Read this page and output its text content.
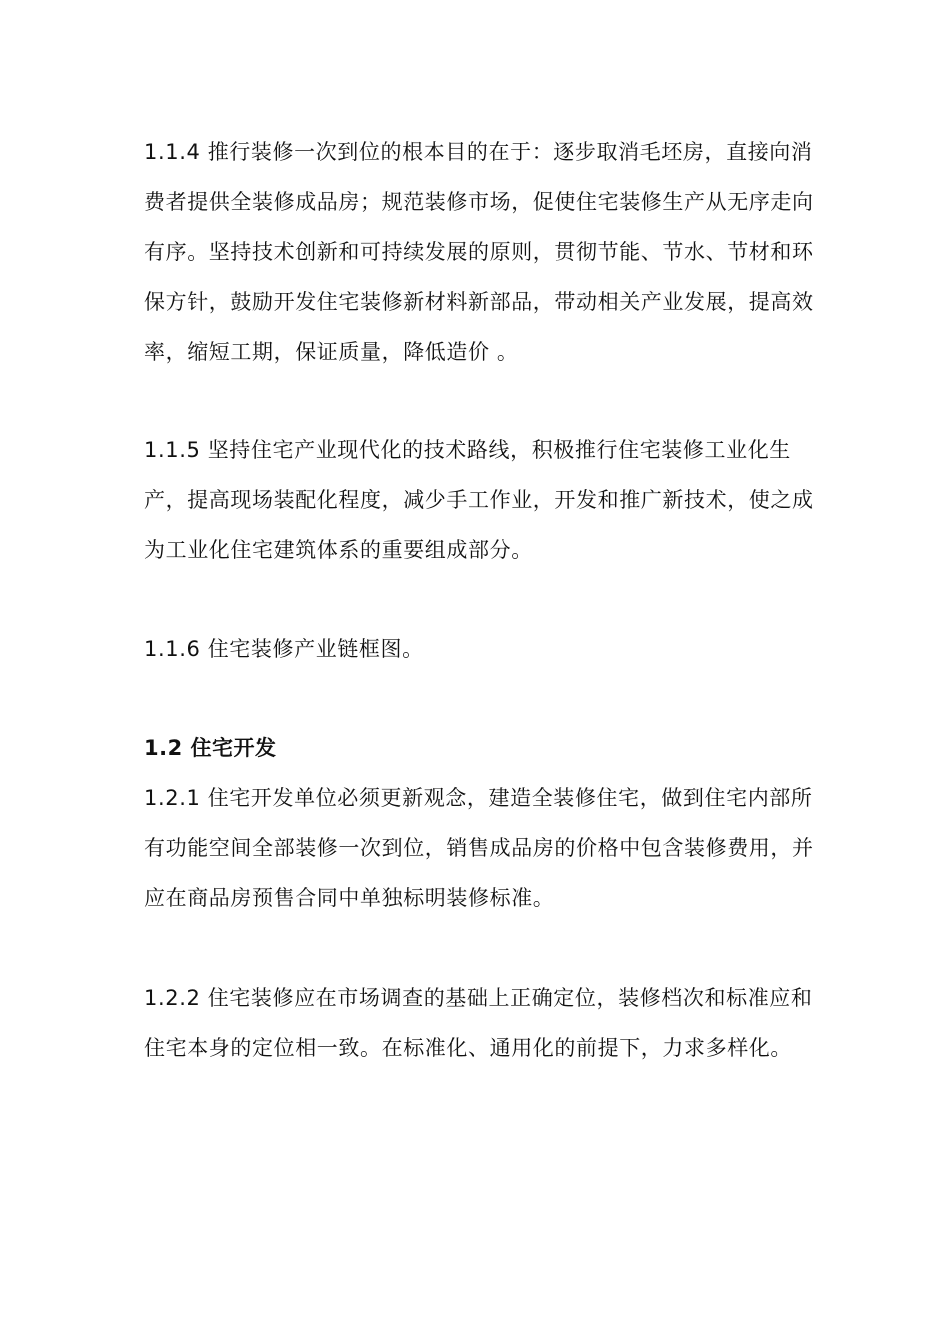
1.1.4 推行装修一次到位的根本目的在于：逐步取消毛坯房，直接向消费者提供全装修成品房；规范装修市场，促使住宅装修生产从无序走向有序。坚持技术创新和可持续发展的原则，贯彻节能、节水、节材和环保方针，鼓励开发住宅装修新材料新部品，带动相关产业发展，提高效率，缩短工期，保证质量，降低造价 。

1.1.5 坚持住宅产业现代化的技术路线，积极推行住宅装修工业化生产，提高现场装配化程度，减少手工作业，开发和推广新技术，使之成为工业化住宅建筑体系的重要组成部分。

1.1.6 住宅装修产业链框图。

1.2 住宅开发

1.2.1 住宅开发单位必须更新观念，建造全装修住宅，做到住宅内部所有功能空间全部装修一次到位，销售成品房的价格中包含装修费用，并应在商品房预售合同中单独标明装修标准。

1.2.2 住宅装修应在市场调查的基础上正确定位，装修档次和标准应和住宅本身的定位相一致。在标准化、通用化的前提下，力求多样化。
